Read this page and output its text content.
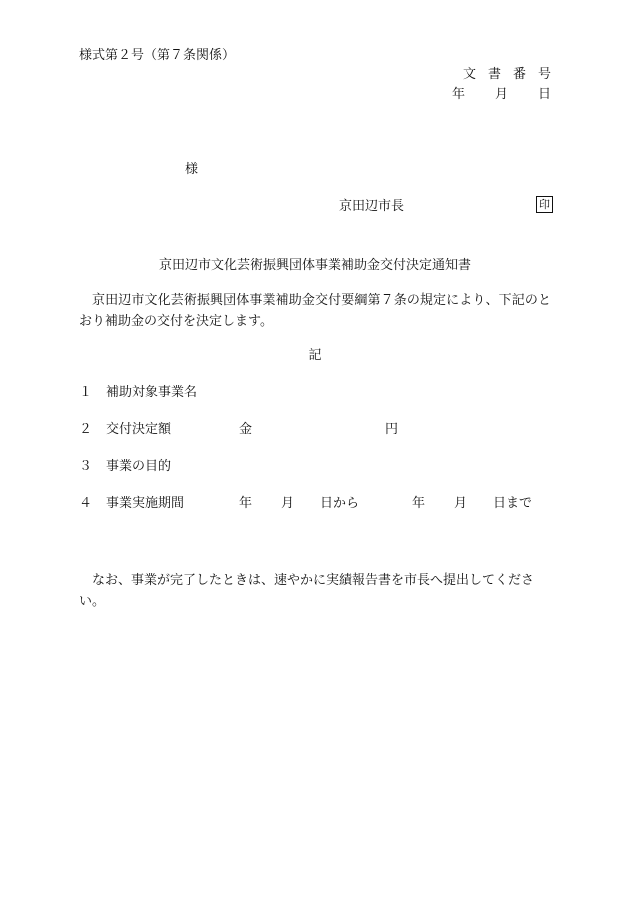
様式第２号（第７条関係）
文書番号
年 月 日
様
京田辺市長	印
京田辺市文化芸術振興団体事業補助金交付決定通知書
京田辺市文化芸術振興団体事業補助金交付要綱第７条の規定により、下記のとおり補助金の交付を決定します。
記
１ 補助対象事業名
２ 交付決定額	金	円
３ 事業の目的
４ 事業実施期間	年 月 日から	年 月 日まで
なお、事業が完了したときは、速やかに実績報告書を市長へ提出してください。
